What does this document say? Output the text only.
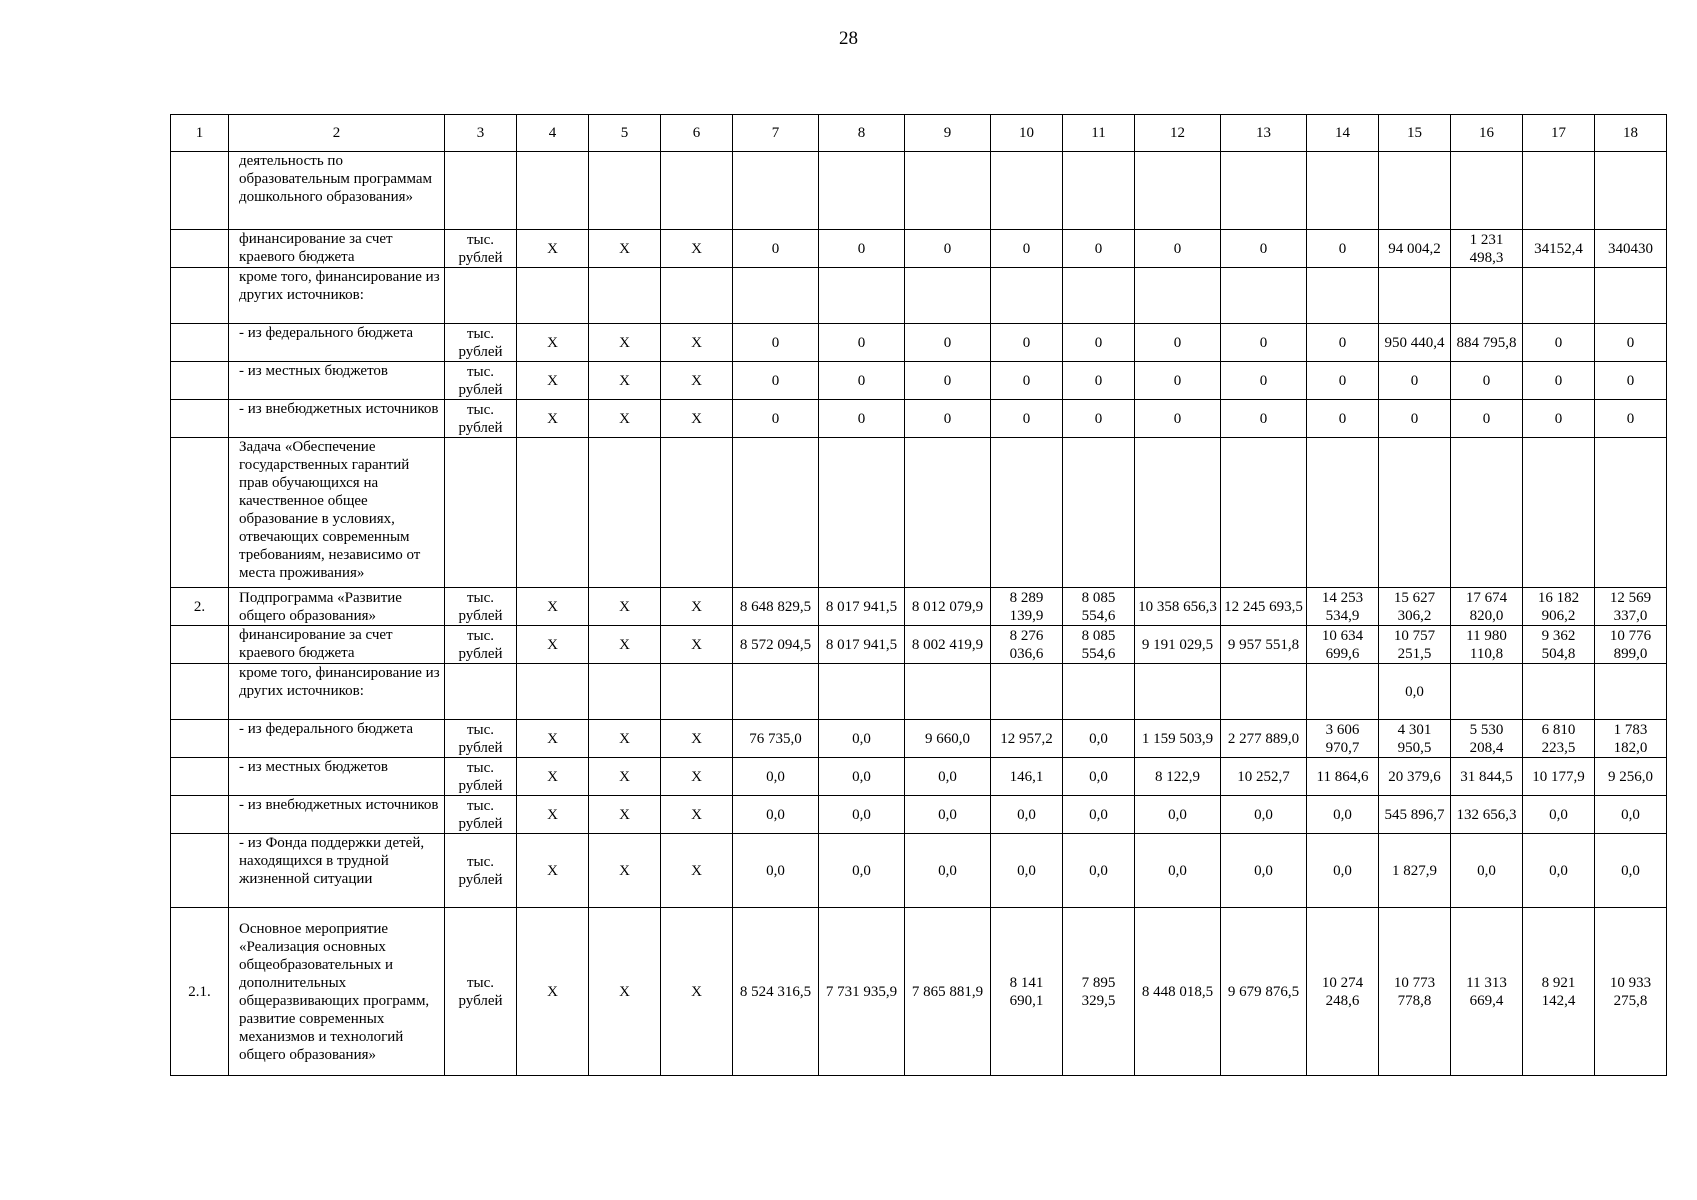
28
1	2	3	4	5	6	7	8	9	10	11	12	13	14	15	16	17	18
	деятельность по образовательным программам дошкольного образования»																
	финансирование за счет краевого бюджета	тыс. рублей	X	X	X	0	0	0	0	0	0	0	0	94 004,2	1 231 498,3	34152,4	340430
	кроме того, финансирование из других источников:																
	- из федерального бюджета	тыс. рублей	X	X	X	0	0	0	0	0	0	0	0	950 440,4	884 795,8	0	0
	- из местных бюджетов	тыс. рублей	X	X	X	0	0	0	0	0	0	0	0	0	0	0	0
	- из внебюджетных источников	тыс. рублей	X	X	X	0	0	0	0	0	0	0	0	0	0	0	0
	Задача «Обеспечение государственных гарантий прав обучающихся на качественное общее образование в условиях, отвечающих современным требованиям, независимо от места проживания»																
2.	Подпрограмма «Развитие общего образования»	тыс. рублей	X	X	X	8 648 829,5	8 017 941,5	8 012 079,9	8 289 139,9	8 085 554,6	10 358 656,3	12 245 693,5	14 253 534,9	15 627 306,2	17 674 820,0	16 182 906,2	12 569 337,0
	финансирование за счет краевого бюджета	тыс. рублей	X	X	X	8 572 094,5	8 017 941,5	8 002 419,9	8 276 036,6	8 085 554,6	9 191 029,5	9 957 551,8	10 634 699,6	10 757 251,5	11 980 110,8	9 362 504,8	10 776 899,0
	кроме того, финансирование из других источников:													0,0			
	- из федерального бюджета	тыс. рублей	X	X	X	76 735,0	0,0	9 660,0	12 957,2	0,0	1 159 503,9	2 277 889,0	3 606 970,7	4 301 950,5	5 530 208,4	6 810 223,5	1 783 182,0
	- из местных бюджетов	тыс. рублей	X	X	X	0,0	0,0	0,0	146,1	0,0	8 122,9	10 252,7	11 864,6	20 379,6	31 844,5	10 177,9	9 256,0
	- из внебюджетных источников	тыс. рублей	X	X	X	0,0	0,0	0,0	0,0	0,0	0,0	0,0	0,0	545 896,7	132 656,3	0,0	0,0
	- из Фонда поддержки детей, находящихся в трудной жизненной ситуации	тыс. рублей	X	X	X	0,0	0,0	0,0	0,0	0,0	0,0	0,0	0,0	1 827,9	0,0	0,0	0,0
2.1.	Основное мероприятие «Реализация основных общеобразовательных и дополнительных общеразвивающих программ, развитие современных механизмов и технологий общего образования»	тыс. рублей	X	X	X	8 524 316,5	7 731 935,9	7 865 881,9	8 141 690,1	7 895 329,5	8 448 018,5	9 679 876,5	10 274 248,6	10 773 778,8	11 313 669,4	8 921 142,4	10 933 275,8
